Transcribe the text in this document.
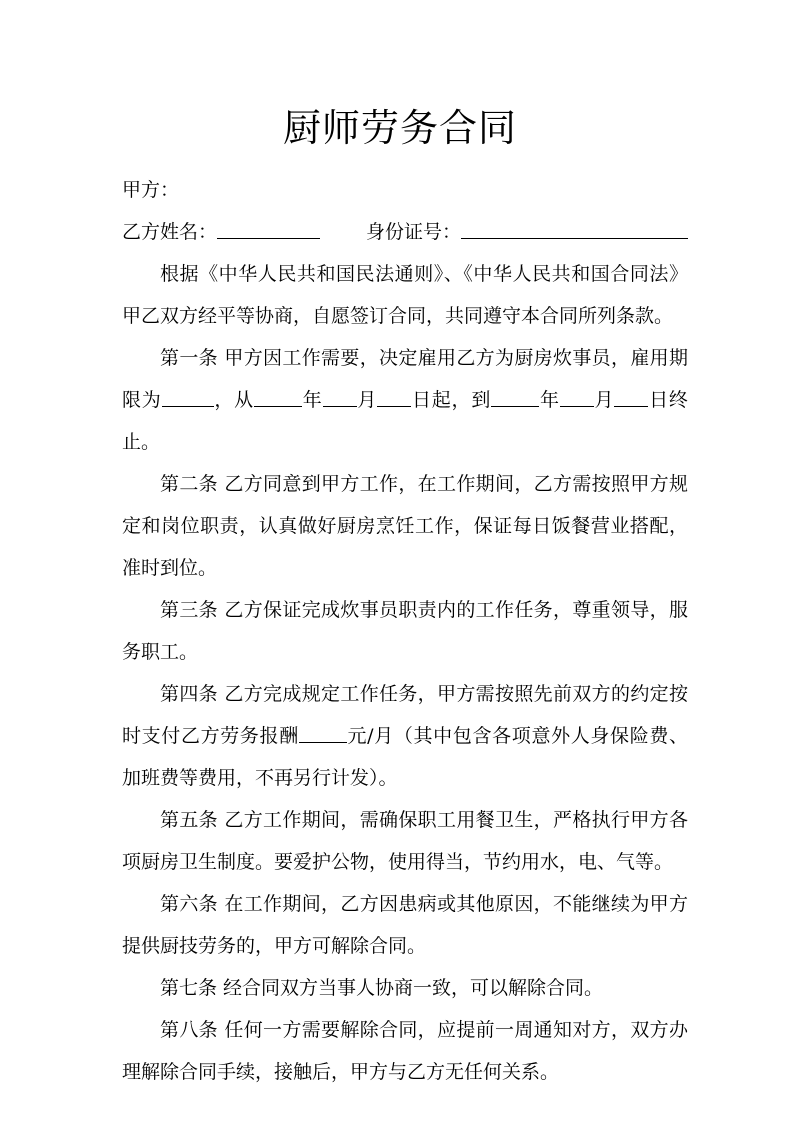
厨师劳务合同
甲方：
乙方姓名：	身份证号：

根据《中华人民共和国民法通则》、《中华人民共和国合同法》甲乙双方经平等协商，自愿签订合同，共同遵守本合同所列条款。

第一条 甲方因工作需要，决定雇用乙方为厨房炊事员，雇用期限为	，从	年 月 日起，到	年 月 日终止。

第二条 乙方同意到甲方工作，在工作期间，乙方需按照甲方规定和岗位职责，认真做好厨房烹饪工作，保证每日饭餐营业搭配，准时到位。

第三条 乙方保证完成炊事员职责内的工作任务，尊重领导，服务职工。

第四条 乙方完成规定工作任务，甲方需按照先前双方的约定按时支付乙方劳务报酬	元/月（其中包含各项意外人身保险费、加班费等费用，不再另行计发）。

第五条 乙方工作期间，需确保职工用餐卫生，严格执行甲方各项厨房卫生制度。要爱护公物，使用得当，节约用水，电、气等。

第六条 在工作期间，乙方因患病或其他原因，不能继续为甲方提供厨技劳务的，甲方可解除合同。

第七条 经合同双方当事人协商一致，可以解除合同。

第八条 任何一方需要解除合同，应提前一周通知对方，双方办理解除合同手续，接触后，甲方与乙方无任何关系。
